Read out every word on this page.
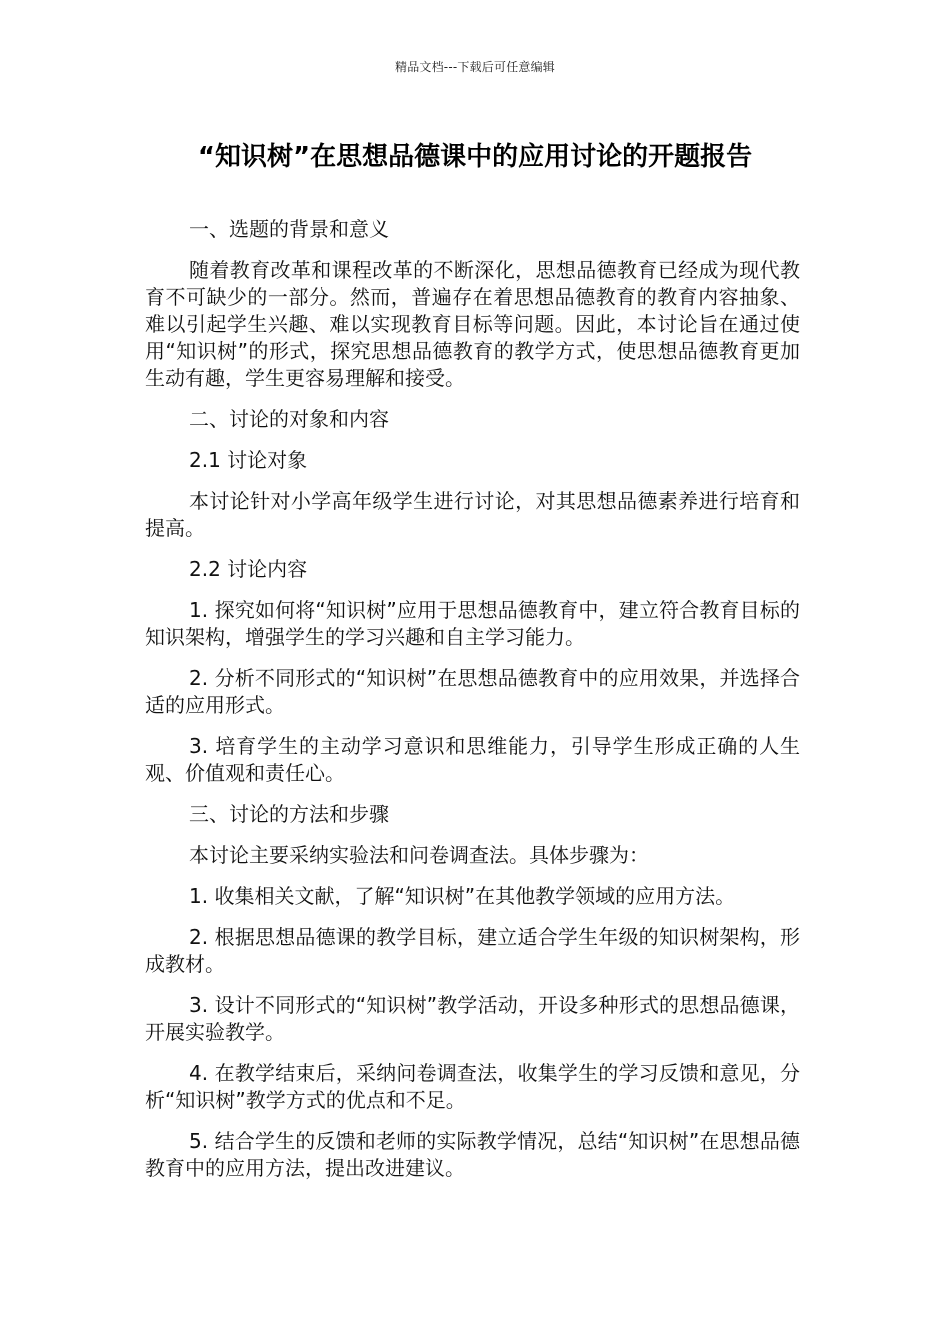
精品文档---下载后可任意编辑
“知识树”在思想品德课中的应用讨论的开题报告

一、选题的背景和意义

随着教育改革和课程改革的不断深化，思想品德教育已经成为现代教育不可缺少的一部分。然而，普遍存在着思想品德教育的教育内容抽象、难以引起学生兴趣、难以实现教育目标等问题。因此，本讨论旨在通过使用“知识树”的形式，探究思想品德教育的教学方式，使思想品德教育更加生动有趣，学生更容易理解和接受。

二、讨论的对象和内容

2.1 讨论对象

本讨论针对小学高年级学生进行讨论，对其思想品德素养进行培育和提高。

2.2 讨论内容

1. 探究如何将“知识树”应用于思想品德教育中，建立符合教育目标的知识架构，增强学生的学习兴趣和自主学习能力。

2. 分析不同形式的“知识树”在思想品德教育中的应用效果，并选择合适的应用形式。

3. 培育学生的主动学习意识和思维能力，引导学生形成正确的人生观、价值观和责任心。

三、讨论的方法和步骤

本讨论主要采纳实验法和问卷调查法。具体步骤为：

1. 收集相关文献，了解“知识树”在其他教学领域的应用方法。

2. 根据思想品德课的教学目标，建立适合学生年级的知识树架构，形成教材。

3. 设计不同形式的“知识树”教学活动，开设多种形式的思想品德课，开展实验教学。

4. 在教学结束后，采纳问卷调查法，收集学生的学习反馈和意见，分析“知识树”教学方式的优点和不足。

5. 结合学生的反馈和老师的实际教学情况，总结“知识树”在思想品德教育中的应用方法，提出改进建议。
